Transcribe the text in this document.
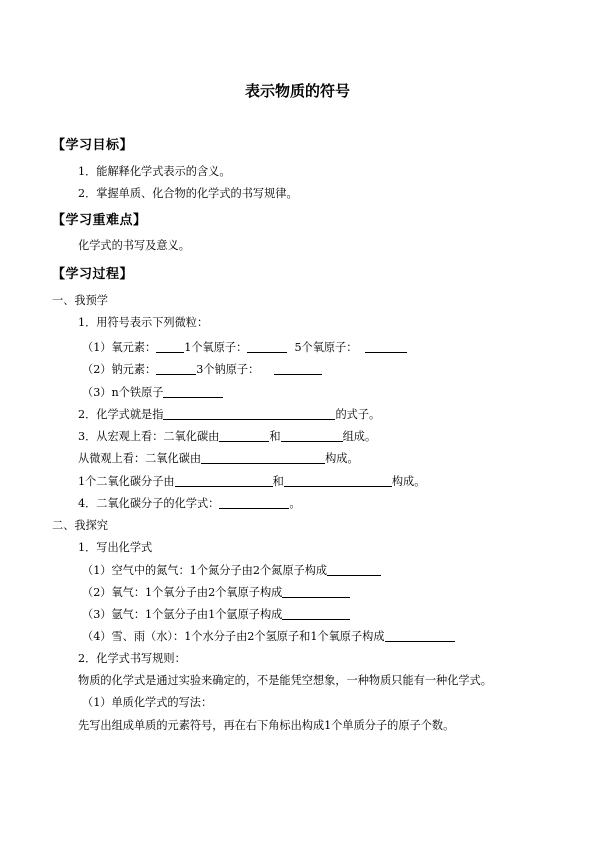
表示物质的符号
【学习目标】
1．能解释化学式表示的含义。
2．掌握单质、化合物的化学式的书写规律。
【学习重难点】
化学式的书写及意义。
【学习过程】
一、我预学
1．用符号表示下列微粒：
（1）氧元素：	1个氧原子：	5个氧原子：
（2）钠元素：	3个钠原子：
（3）n个铁原子
2．化学式就是指	的式子。
3．从宏观上看：二氧化碳由	和	组成。
从微观上看：二氧化碳由	构成。
1个二氧化碳分子由	和	构成。
4．二氧化碳分子的化学式：	。
二、我探究
1．写出化学式
（1）空气中的氮气：1个氮分子由2个氮原子构成
（2）氧气：1个氧分子由2个氧原子构成
（3）氩气：1个氩分子由1个氩原子构成
（4）雪、雨（水）：1个水分子由2个氢原子和1个氧原子构成
2．化学式书写规则：
物质的化学式是通过实验来确定的，不是能凭空想象，一种物质只能有一种化学式。
（1）单质化学式的写法：
先写出组成单质的元素符号，再在右下角标出构成1个单质分子的原子个数。
